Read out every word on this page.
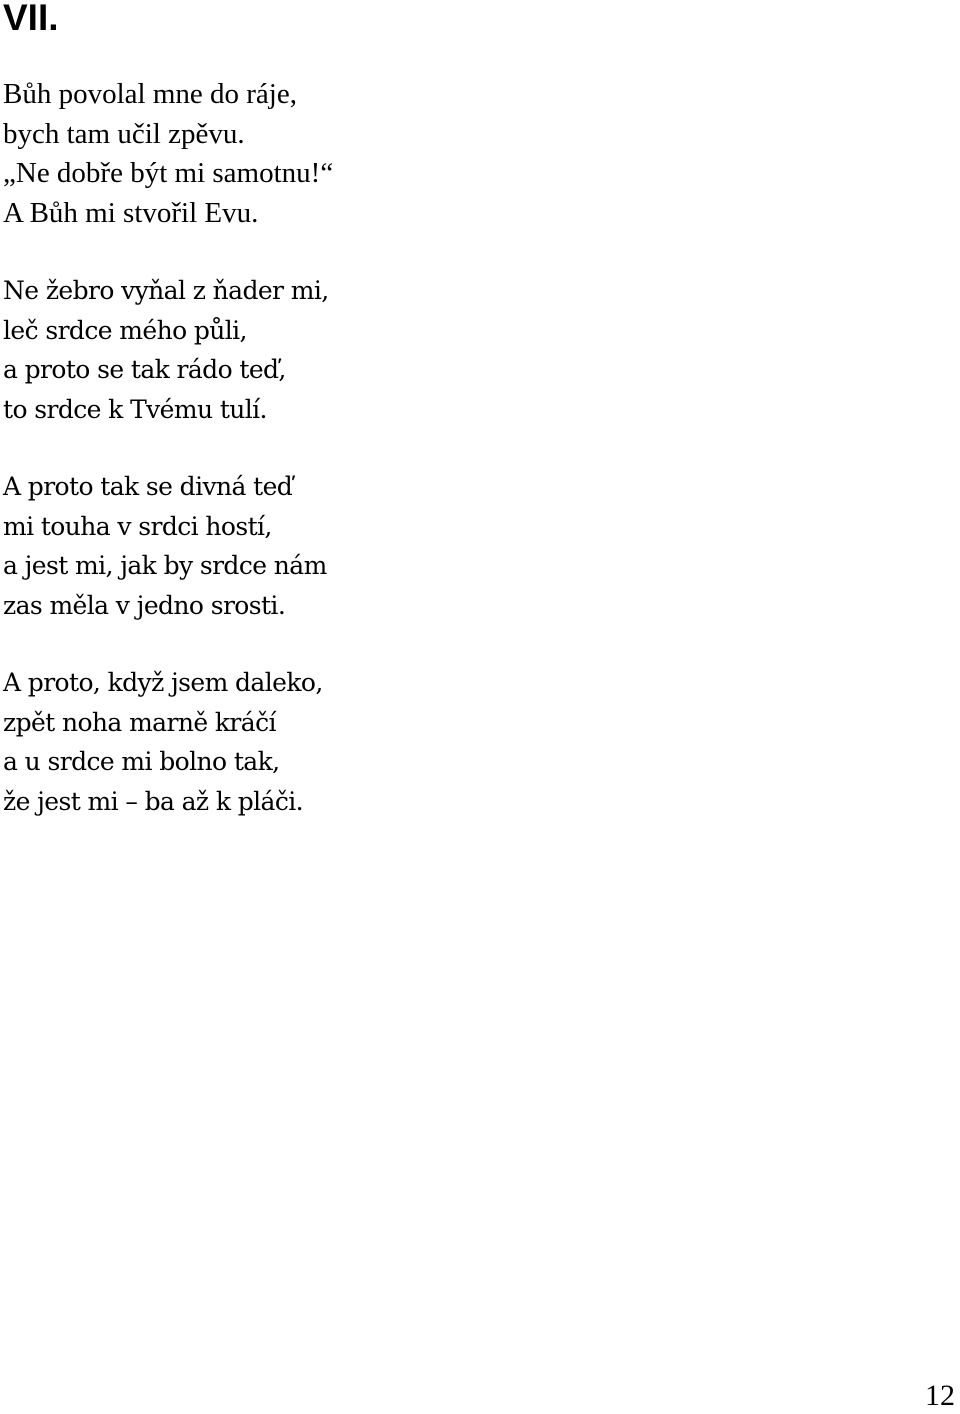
VII.
Bůh povolal mne do ráje,
bych tam učil zpěvu.
„Ne dobře být mi samotnu!“
A Bůh mi stvořil Evu.
Ne žebro vyňal z ňader mi,
leč srdce mého půli,
a proto se tak rádo teď,
to srdce k Tvému tulí.
A proto tak se divná teď
mi touha v srdci hostí,
a jest mi, jak by srdce nám
zas měla v jedno srosti.
A proto, když jsem daleko,
zpět noha marně kráčí
a u srdce mi bolno tak,
že jest mi – ba až k pláči.
12
